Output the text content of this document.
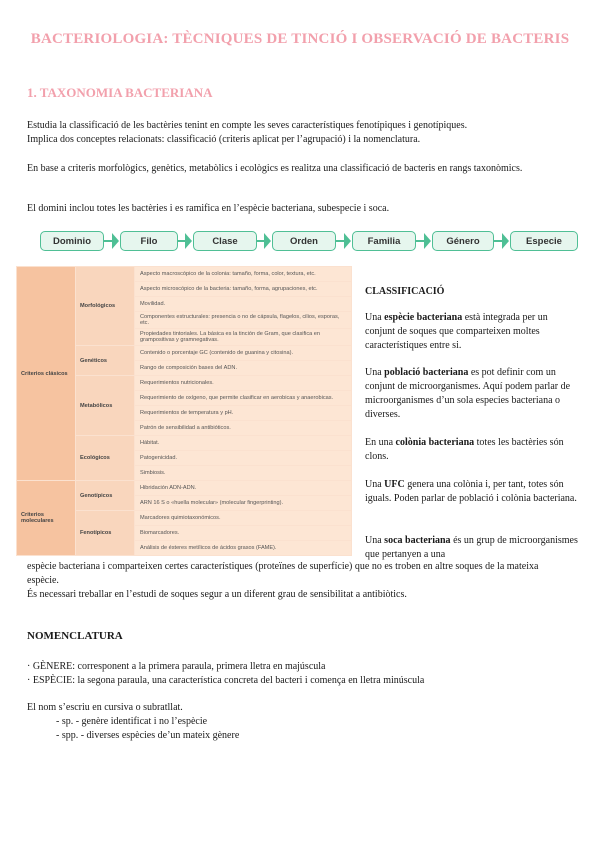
BACTERIOLOGIA: TÈCNIQUES DE TINCIÓ I OBSERVACIÓ DE BACTERIS
1. TAXONOMIA BACTERIANA
Estudia la classificació de les bactèries tenint en compte les seves característiques fenotípiques i genotípiques.
Implica dos conceptes relacionats: classificació (criteris aplicat per l’agrupació) i la nomenclatura.
En base a criteris morfològics, genètics, metabòlics i ecològics es realitza una classificació de bacteris en rangs taxonòmics.
El domini inclou totes les bactèries i es ramifica en l’espècie bacteriana, subespecie i soca.
Dominio	Filo	Clase	Orden	Familia	Género	Especie
Criterios clásicos	Morfológicos	Aspecto macroscópico de la colonia: tamaño, forma, color, textura, etc.
		Aspecto microscópico de la bacteria: tamaño, forma, agrupaciones, etc.
		Movilidad.
		Componentes estructurales: presencia o no de cápsula, flagelos, cilios, esporas, etc.
		Propiedades tintoriales. La básica es la tinción de Gram, que clasifica en grampositivas y gramnegativas.
	Genéticos	Contenido o porcentaje GC (contenido de guanina y citosina).
		Rango de composición bases del ADN.
	Metabólicos	Requerimientos nutricionales.
		Requerimiento de oxígeno, que permite clasificar en aerobicas y anaerobicas.
		Requerimientos de temperatura y pH.
		Patrón de sensibilidad a antibióticos.
	Ecológicos	Hábitat.
		Patogenicidad.
		Simbiosis.
Criterios moleculares	Genotípicos	Hibridación ADN-ADN.
		ARN 16 S o «huella molecular» (molecular fingerprinting).
	Fenotípicos	Marcadores quimiotaxonómicos.
		Biomarcadores.
		Análisis de ésteres metílicos de ácidos grasos (FAME).
CLASSIFICACIÓ
Una espècie bacteriana està integrada per un conjunt de soques que comparteixen moltes característiques entre si.
Una població bacteriana es pot definir com un conjunt de microorganismes. Aquí podem parlar de microorganismes d’un sola especies bacteriana o diverses.
En una colònia bacteriana totes les bactèries són clons.
Una UFC genera una colònia i, per tant, totes són iguals. Poden parlar de població i colònia bacteriana.
Una soca bacteriana és un grup de microorganismes que pertanyen a una
espècie bacteriana i comparteixen certes característiques (proteïnes de superfície) que no es troben en altre soques de la mateixa espècie.
És necessari treballar en l’estudi de soques segur a un diferent grau de sensibilitat a antibiòtics.
NOMENCLATURA
· GÈNERE: corresponent a la primera paraula, primera lletra en majúscula
· ESPÈCIE: la segona paraula, una característica concreta del bacteri i comença en lletra minúscula
El nom s’escriu en cursiva o subratllat.
- sp. - genère identificat i no l’espècie
- spp. - diverses espècies de’un mateix gènere
